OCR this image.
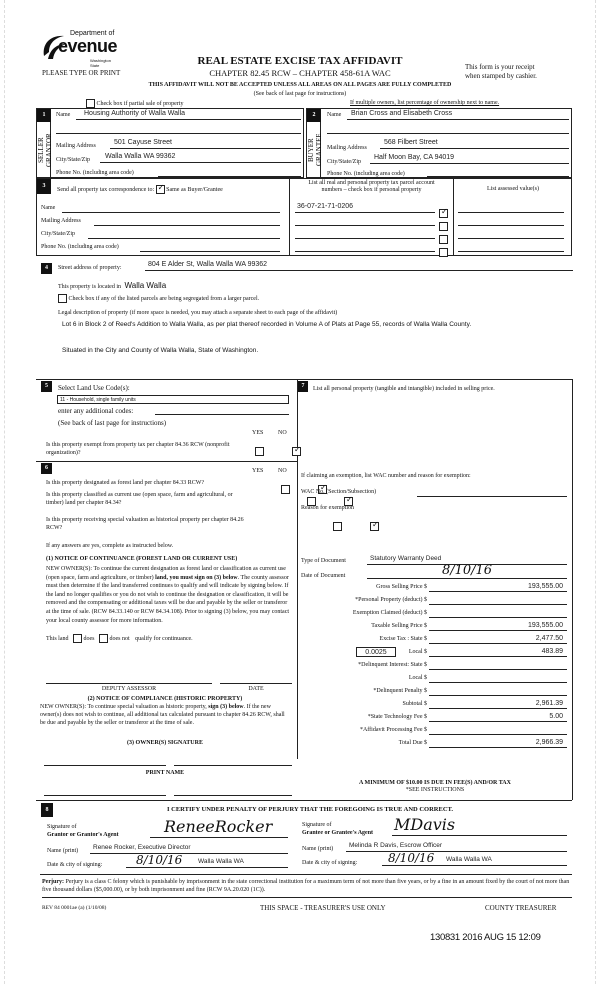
Department of
evenue
Washington State
PLEASE TYPE OR PRINT
REAL ESTATE EXCISE TAX AFFIDAVIT
CHAPTER 82.45 RCW – CHAPTER 458-61A WAC
This form is your receipt
when stamped by cashier.
THIS AFFIDAVIT WILL NOT BE ACCEPTED UNLESS ALL AREAS ON ALL PAGES ARE FULLY COMPLETED
(See back of last page for instructions)
Check box if partial sale of property	If multiple owners, list percentage of ownership next to name.
1
SELLER GRANTOR
Name	Housing Authority of Walla Walla
Mailing Address	501 Cayuse Street
City/State/Zip	Walla Walla WA 99362
Phone No. (including area code)
2
BUYER GRANTEE
Name	Brian Cross and Elisabeth Cross
Mailing Address
568 Filbert Street
City/State/Zip
Half Moon Bay, CA 94019
Phone No. (including area code)
3
Send all property tax correspondence to: ✓ Same as Buyer/Grantee
Name
Mailing Address
City/State/Zip
Phone No. (including area code)
List all real and personal property tax parcel account
numbers – check box if personal property	List assessed value(s)
36-07-21-71-0206
✓
4	Street address of property:	804 E Alder St, Walla Walla WA 99362
This property is located in Walla Walla
Check box if any of the listed parcels are being segregated from a larger parcel.
Legal description of property (if more space is needed, you may attach a separate sheet to each page of the affidavit)
Lot 6 in Block 2 of Reed's Addition to Walla Walla, as per plat thereof recorded in Volume A of Plats at Page 55, records of Walla Walla County.
Situated in the City and County of Walla Walla, State of Washington.
5	Select Land Use Code(s):
11 - Household, single family units
enter any additional codes:
(See back of last page for instructions)
YES NO
Is this property exempt from property tax per chapter 84.36 RCW (nonprofit organization)?
✓
6	YES NO
Is this property designated as forest land per chapter 84.33 RCW?
✓
Is this property classified as current use (open space, farm and agricultural, or timber) land per chapter 84.34?
✓
Is this property receiving special valuation as historical property per chapter 84.26 RCW?
✓
If any answers are yes, complete as instructed below.
(1) NOTICE OF CONTINUANCE (FOREST LAND OR CURRENT USE)
NEW OWNER(S): To continue the current designation as forest land or classification as current use (open space, farm and agriculture, or timber) land, you must sign on (3) below. The county assessor must then determine if the land transferred continues to qualify and will indicate by signing below. If the land no longer qualifies or you do not wish to continue the designation or classification, it will be removed and the compensating or additional taxes will be due and payable by the seller or transferor at the time of sale. (RCW 84.33.140 or RCW 84.34.108). Prior to signing (3) below, you may contact your local county assessor for more information.
This land	does	does not qualify for continuance.
DEPUTY ASSESSOR	DATE
(2) NOTICE OF COMPLIANCE (HISTORIC PROPERTY)
NEW OWNER(S): To continue special valuation as historic property, sign (3) below. If the new owner(s) does not wish to continue, all additional tax calculated pursuant to chapter 84.26 RCW, shall be due and payable by the seller or transferor at the time of sale.
(3) OWNER(S) SIGNATURE
PRINT NAME
7	List all personal property (tangible and intangible) included in selling price.
If claiming an exemption, list WAC number and reason for exemption:
WAC No. (Section/Subsection)
Reason for exemption
Type of Document	Statutory Warranty Deed
Date of Document	8/10/16
Gross Selling Price $	193,555.00
*Personal Property (deduct) $
Exemption Claimed (deduct) $
Taxable Selling Price $	193,555.00
Excise Tax : State $	2,477.50
0.0025	Local $	483.89
*Delinquent Interest: State $
Local $
*Delinquent Penalty $
Subtotal $	2,961.39
*State Technology Fee $	5.00
*Affidavit Processing Fee $
Total Due $	2,966.39
A MINIMUM OF $10.00 IS DUE IN FEE(S) AND/OR TAX
*SEE INSTRUCTIONS
8	I CERTIFY UNDER PENALTY OF PERJURY THAT THE FOREGOING IS TRUE AND CORRECT.
Signature of
Grantor or Grantor's Agent	ReneeRocker
Name (print)	Renee Rocker, Executive Director
Date & city of signing:	8/10/16 Walla Walla WA
Signature of
Grantee or Grantee's Agent MDavis
Name (print)	Melinda R Davis, Escrow Officer
Date & city of signing:	8/10/16 Walla Walla WA
Perjury: Perjury is a class C felony which is punishable by imprisonment in the state correctional institution for a maximum term of not more than five years, or by a fine in an amount fixed by the court of not more than five thousand dollars ($5,000.00), or by both imprisonment and fine (RCW 9A.20.020 (1C)).
REV 84 0001ae (a) (1/10/08)	THIS SPACE - TREASURER'S USE ONLY	COUNTY TREASURER
130831 2016 AUG 15 12:09
